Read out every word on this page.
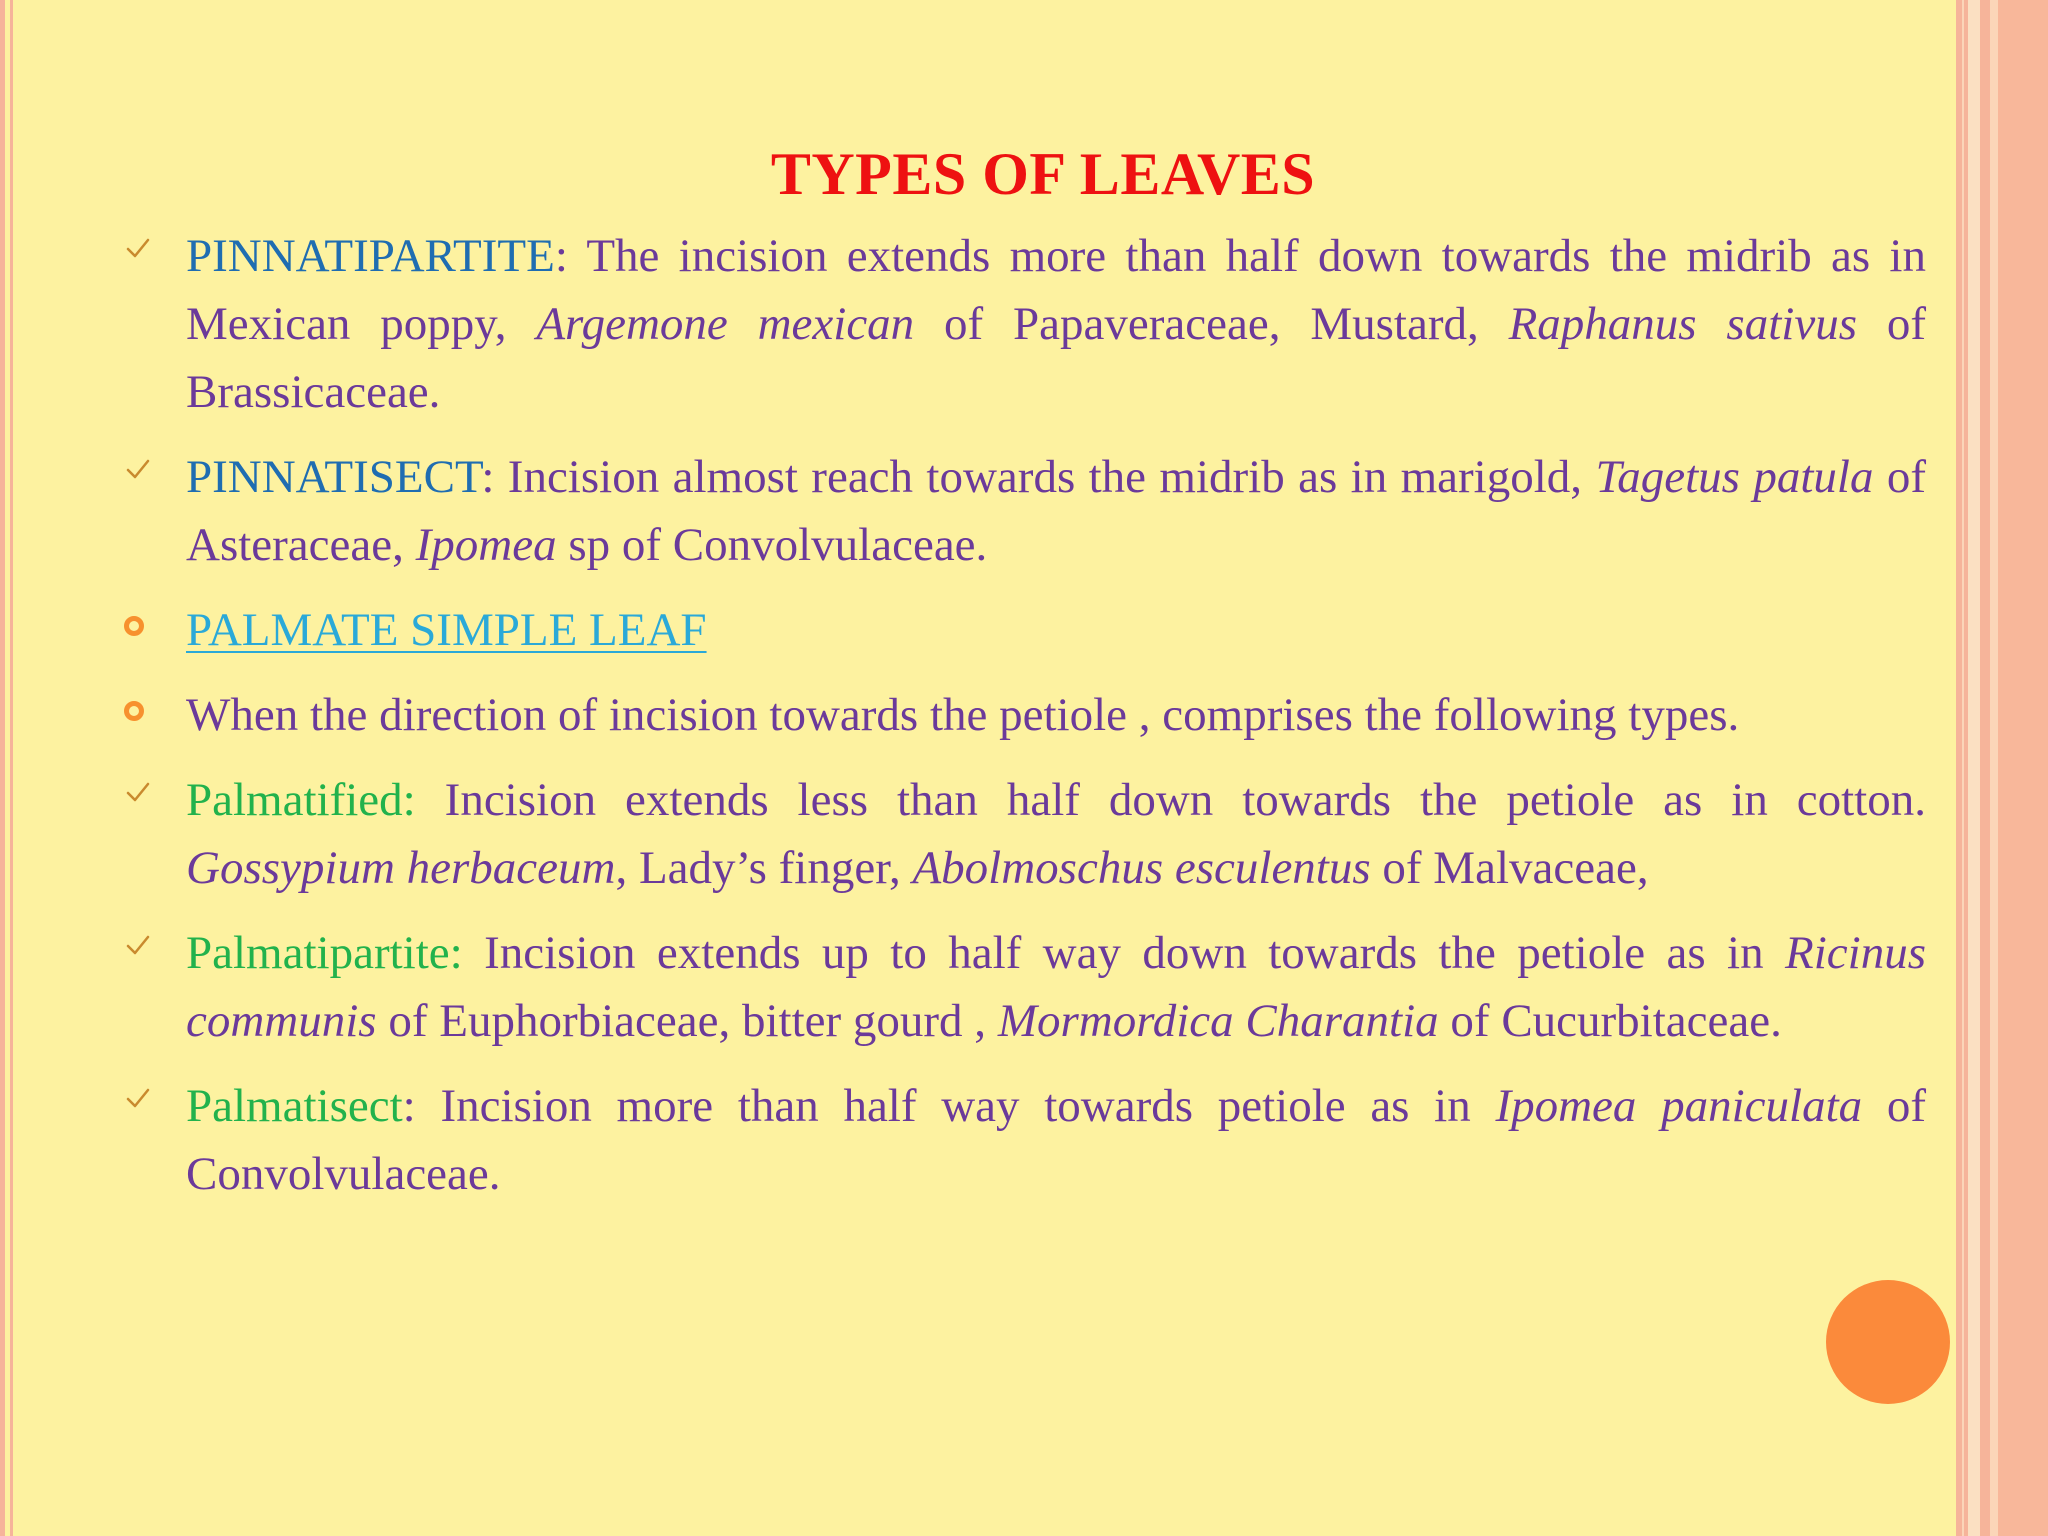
TYPES OF LEAVES
PINNATIPARTITE: The incision extends more than half down towards the midrib as in Mexican poppy, Argemone mexican of Papaveraceae, Mustard, Raphanus sativus of Brassicaceae.
PINNATISECT: Incision almost reach towards the midrib as in marigold, Tagetus patula of Asteraceae, Ipomea sp of Convolvulaceae.
PALMATE SIMPLE LEAF
When the direction of incision towards the petiole , comprises the following types.
Palmatified: Incision extends less than half down towards the petiole as in cotton. Gossypium herbaceum, Lady’s finger, Abolmoschus esculentus of Malvaceae,
Palmatipartite: Incision extends up to half way down towards the petiole as in Ricinus communis of Euphorbiaceae, bitter gourd , Mormordica Charantia of Cucurbitaceae.
Palmatisect: Incision more than half way towards petiole as in Ipomea paniculata of Convolvulaceae.
